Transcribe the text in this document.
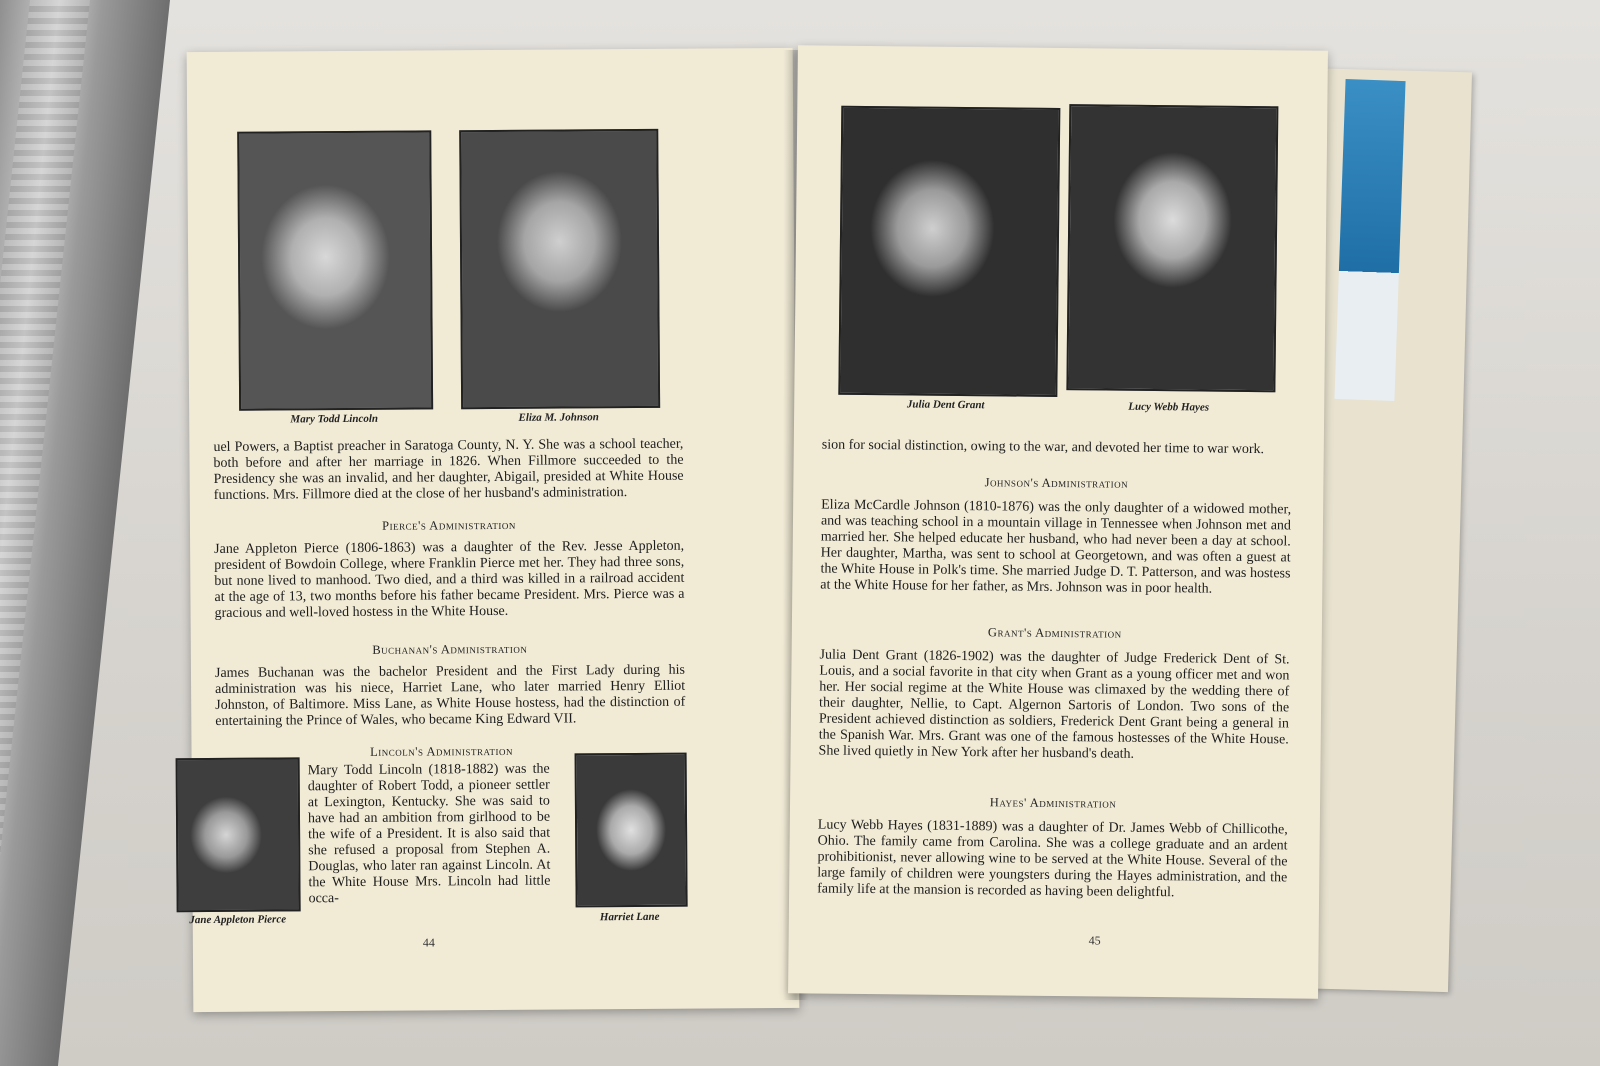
Mary Todd Lincoln	Eliza M. Johnson

uel Powers, a Baptist preacher in Saratoga County, N. Y. She was a school teacher, both before and after her marriage in 1826. When Fillmore succeeded to the Presidency she was an invalid, and her daughter, Abigail, presided at White House functions. Mrs. Fillmore died at the close of her husband's administration.

Pierce's Administration

Jane Appleton Pierce (1806-1863) was a daughter of the Rev. Jesse Appleton, president of Bowdoin College, where Franklin Pierce met her. They had three sons, but none lived to manhood. Two died, and a third was killed in a railroad accident at the age of 13, two months before his father became President. Mrs. Pierce was a gracious and well-loved hostess in the White House.

Buchanan's Administration

James Buchanan was the bachelor President and the First Lady during his administration was his niece, Harriet Lane, who later married Henry Elliot Johnston, of Baltimore. Miss Lane, as White House hostess, had the distinction of entertaining the Prince of Wales, who became King Edward VII.

Lincoln's Administration
Jane Appleton Pierce

Mary Todd Lincoln (1818-1882) was the daughter of Robert Todd, a pioneer settler at Lexington, Kentucky. She was said to have had an ambition from girlhood to be the wife of a President. It is also said that she refused a proposal from Stephen A. Douglas, who later ran against Lincoln. At the White House Mrs. Lincoln had little occa-

Harriet Lane
44
Julia Dent Grant	Lucy Webb Hayes

sion for social distinction, owing to the war, and devoted her time to war work.

Johnson's Administration

Eliza McCardle Johnson (1810-1876) was the only daughter of a widowed mother, and was teaching school in a mountain village in Tennessee when Johnson met and married her. She helped educate her husband, who had never been a day at school. Her daughter, Martha, was sent to school at Georgetown, and was often a guest at the White House in Polk's time. She married Judge D. T. Patterson, and was hostess at the White House for her father, as Mrs. Johnson was in poor health.

Grant's Administration

Julia Dent Grant (1826-1902) was the daughter of Judge Frederick Dent of St. Louis, and a social favorite in that city when Grant as a young officer met and won her. Her social regime at the White House was climaxed by the wedding there of their daughter, Nellie, to Capt. Algernon Sartoris of London. Two sons of the President achieved distinction as soldiers, Frederick Dent Grant being a general in the Spanish War. Mrs. Grant was one of the famous hostesses of the White House. She lived quietly in New York after her husband's death.

Hayes' Administration

Lucy Webb Hayes (1831-1889) was a daughter of Dr. James Webb of Chillicothe, Ohio. The family came from Carolina. She was a college graduate and an ardent prohibitionist, never allowing wine to be served at the White House. Several of the large family of children were youngsters during the Hayes administration, and the family life at the mansion is recorded as having been delightful.

45
